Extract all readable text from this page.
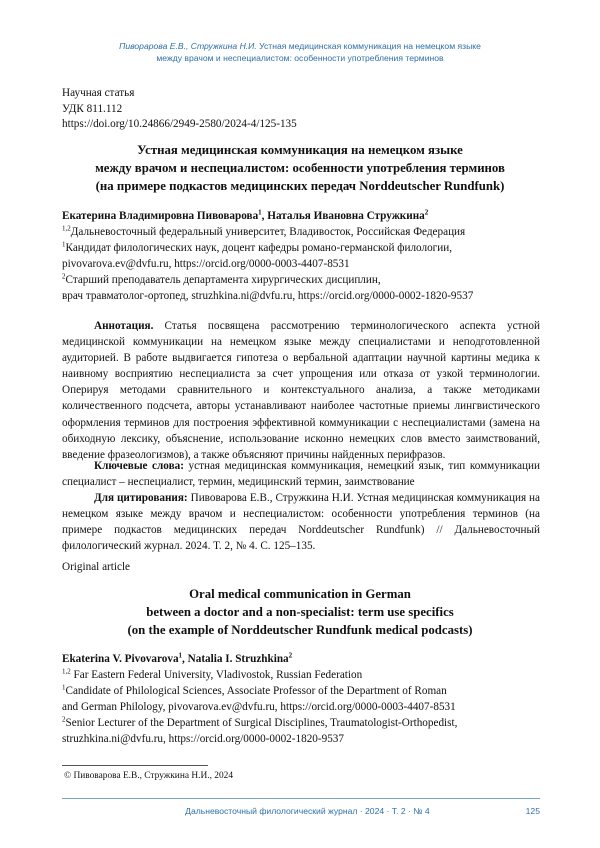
Пиворарова Е.В., Стружкина Н.И. Устная медицинская коммуникация на немецком языке
между врачом и неспециалистом: особенности употребления терминов
Научная статья
УДК 811.112
https://doi.org/10.24866/2949-2580/2024-4/125-135
Устная медицинская коммуникация на немецком языке
между врачом и неспециалистом: особенности употребления терминов
(на примере подкастов медицинских передач Norddeutscher Rundfunk)
Екатерина Владимировна Пивоварова$^1$, Наталья Ивановна Стружкина$^2$
$^{1,2}$Дальневосточный федеральный университет, Владивосток, Российская Федерация
$^1$Кандидат филологических наук, доцент кафедры романо-германской филологии,
pivovarova.ev@dvfu.ru, https://orcid.org/0000-0003-4407-8531
$^2$Старший преподаватель департамента хирургических дисциплин,
врач травматолог-ортопед, struzhkina.ni@dvfu.ru, https://orcid.org/0000-0002-1820-9537
Аннотация. Статья посвящена рассмотрению терминологического аспекта устной медицинской коммуникации на немецком языке между специалистами и неподготовленной аудиторией. В работе выдвигается гипотеза о вербальной адаптации научной картины медика к наивному восприятию неспециалиста за счет упрощения или отказа от узкой терминологии. Оперируя методами сравнительного и контекстуального анализа, а также методиками количественного подсчета, авторы устанавливают наиболее частотные приемы лингвистического оформления терминов для построения эффективной коммуникации с неспециалистами (замена на обиходную лексику, объяснение, использование исконно немецких слов вместо заимствований, введение фразеологизмов), а также объясняют причины найденных перифразов.
Ключевые слова: устная медицинская коммуникация, немецкий язык, тип коммуникации специалист – неспециалист, термин, медицинский термин, заимствование
Для цитирования: Пивоварова Е.В., Стружкина Н.И. Устная медицинская коммуникация на немецком языке между врачом и неспециалистом: особенности употребления терминов (на примере подкастов медицинских передач Norddeutscher Rundfunk) // Дальневосточный филологический журнал. 2024. Т. 2, № 4. С. 125–135.
Original article
Oral medical communication in German
between a doctor and a non-specialist: term use specifics
(on the example of Norddeutscher Rundfunk medical podcasts)
Ekaterina V. Pivovarova$^1$, Natalia I. Struzhkina$^2$
$^{1,2}$ Far Eastern Federal University, Vladivostok, Russian Federation
$^1$Candidate of Philological Sciences, Associate Professor of the Department of Roman
and German Philology, pivovarova.ev@dvfu.ru, https://orcid.org/0000-0003-4407-8531
$^2$Senior Lecturer of the Department of Surgical Disciplines, Traumatologist-Orthopedist,
struzhkina.ni@dvfu.ru, https://orcid.org/0000-0002-1820-9537
© Пивоварова Е.В., Стружкина Н.И., 2024
Дальневосточный филологический журнал · 2024 · Т. 2 · № 4	125
